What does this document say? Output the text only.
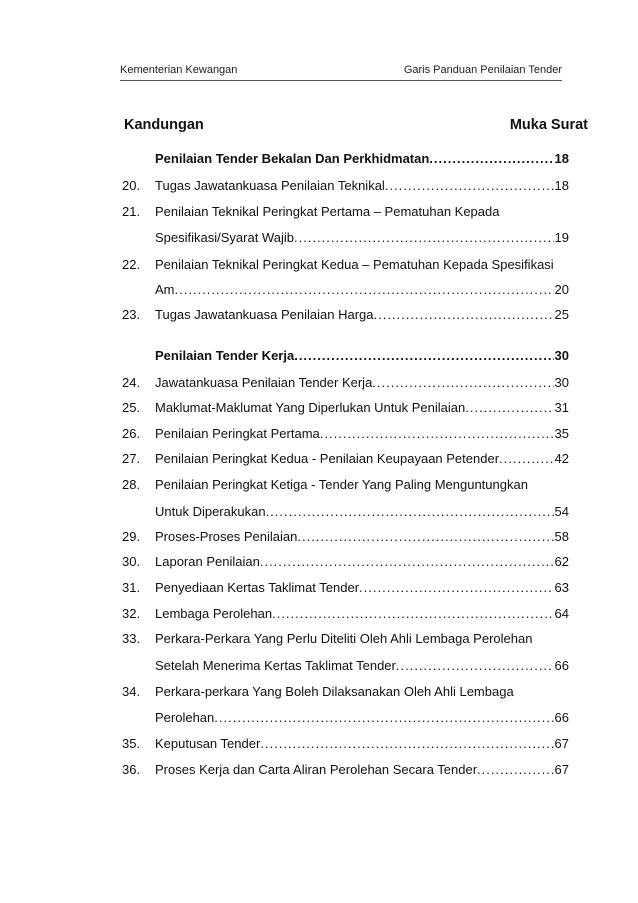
Kementerian Kewangan	Garis Panduan Penilaian Tender
Kandungan	Muka Surat
Penilaian Tender Bekalan Dan Perkhidmatan .....	18
20. Tugas Jawatankuasa Penilaian Teknikal .....	18
21. Penilaian Teknikal Peringkat Pertama – Pematuhan Kepada
Spesifikasi/Syarat Wajib .....	19
22. Penilaian Teknikal Peringkat Kedua – Pematuhan Kepada Spesifikasi
Am .....	20
23. Tugas Jawatankuasa Penilaian Harga .....	25
Penilaian Tender Kerja .....	30
24. Jawatankuasa Penilaian Tender Kerja .....	30
25. Maklumat-Maklumat Yang Diperlukan Untuk Penilaian .....	31
26. Penilaian Peringkat Pertama .....	35
27. Penilaian Peringkat Kedua - Penilaian Keupayaan Petender .....	42
28. Penilaian Peringkat Ketiga - Tender Yang Paling Menguntungkan
Untuk Diperakukan .....	54
29. Proses-Proses Penilaian .....	58
30. Laporan Penilaian .....	62
31. Penyediaan Kertas Taklimat Tender .....	63
32. Lembaga Perolehan .....	64
33. Perkara-Perkara Yang Perlu Diteliti Oleh Ahli Lembaga Perolehan
Setelah Menerima Kertas Taklimat Tender .....	66
34. Perkara-perkara Yang Boleh Dilaksanakan Oleh Ahli Lembaga
Perolehan .....	66
35. Keputusan Tender .....	67
36. Proses Kerja dan Carta Aliran Perolehan Secara Tender .....	67
